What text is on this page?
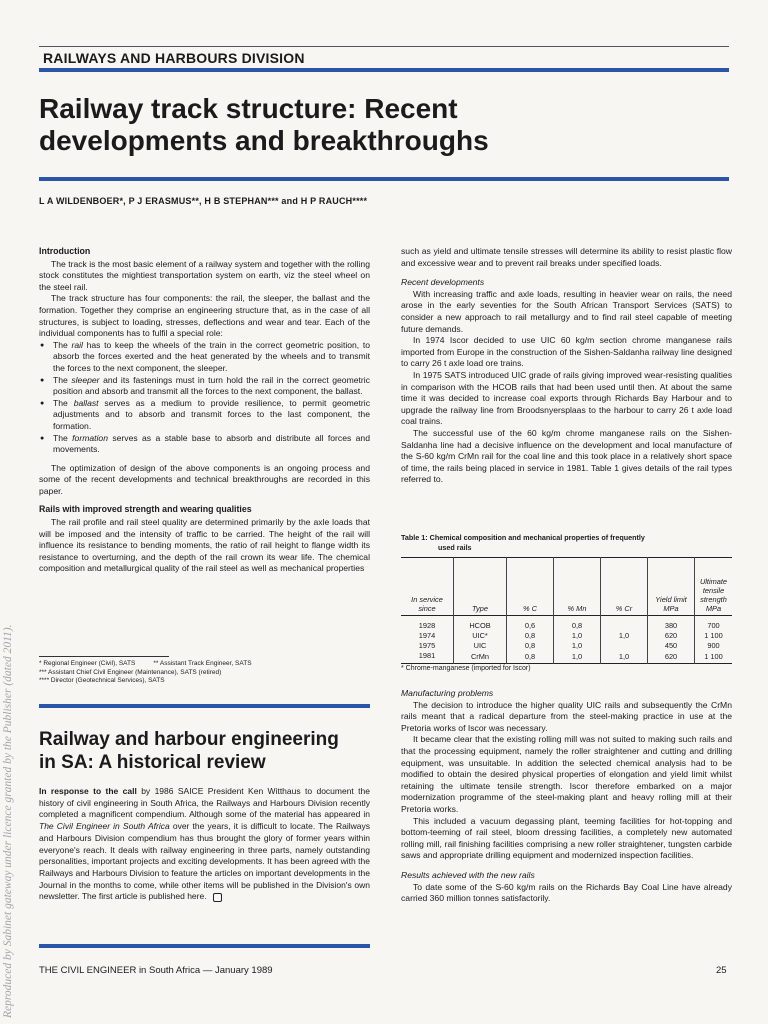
RAILWAYS AND HARBOURS DIVISION
Railway track structure: Recent
developments and breakthroughs
L A WILDENBOER*, P J ERASMUS**, H B STEPHAN*** and H P RAUCH****
Introduction

The track is the most basic element of a railway system and together with the rolling stock constitutes the mightiest transportation system on earth, viz the steel wheel on the steel rail.

The track structure has four components: the rail, the sleeper, the ballast and the formation. Together they comprise an engineering structure that, as in the case of all structures, is subject to loading, stresses, deflections and wear and tear. Each of the individual components has to fulfil a special role:

● The rail has to keep the wheels of the train in the correct geometric position, to absorb the forces exerted and the heat generated by the wheels and to transmit the forces to the next component, the sleeper.
● The sleeper and its fastenings must in turn hold the rail in the correct geometric position and absorb and transmit all the forces to the next component, the ballast.
● The ballast serves as a medium to provide resilience, to permit geometric adjustments and to absorb and transmit forces to the last component, the formation.
● The formation serves as a stable base to absorb and distribute all forces and movements.

The optimization of design of the above components is an ongoing process and some of the recent developments and technical breakthroughs are recorded in this paper.

Rails with improved strength and wearing qualities

The rail profile and rail steel quality are determined primarily by the axle loads that will be imposed and the intensity of traffic to be carried. The height of the rail will influence its resistance to bending moments, the ratio of rail height to flange width its resistance to overturning, and the depth of the rail crown its wear life. The chemical composition and metallurgical quality of the rail steel as well as mechanical properties

* Regional Engineer (Civil), SATS          ** Assistant Track Engineer, SATS
*** Assistant Chief Civil Engineer (Maintenance), SATS (retired)
**** Director (Geotechnical Services), SATS
Railway and harbour engineering
in SA: A historical review

In response to the call by 1986 SAICE President Ken Witthaus to document the history of civil engineering in South Africa, the Railways and Harbours Division recently completed a magnificent compendium. Although some of the material has appeared in The Civil Engineer in South Africa over the years, it is difficult to locate. The Railways and Harbours Division compendium has thus brought the glory of former years within everyone's reach. It deals with railway engineering in three parts, namely outstanding personalities, important projects and exciting developments. It has been agreed with the Railways and Harbours Division to feature the articles on important developments in the Journal in the months to come, while other items will be published in the Division's own newsletter. The first article is published here.

such as yield and ultimate tensile stresses will determine its ability to resist plastic flow and excessive wear and to prevent rail breaks under specified loads.

Recent developments

With increasing traffic and axle loads, resulting in heavier wear on rails, the need arose in the early seventies for the South African Transport Services (SATS) to consider a new approach to rail metallurgy and to find rail steel capable of meeting future demands.

In 1974 Iscor decided to use UIC 60 kg/m section chrome manganese rails imported from Europe in the construction of the Sishen-Saldanha railway line designed to carry 26 t axle load ore trains.

In 1975 SATS introduced UIC grade of rails giving improved wear-resisting qualities in comparison with the HCOB rails that had been used until then. At about the same time it was decided to increase coal exports through Richards Bay Harbour and to upgrade the railway line from Broodsnyersplaas to the harbour to carry 26 t axle load coal trains.

The successful use of the 60 kg/m chrome manganese rails on the Sishen-Saldanha line had a decisive influence on the development and local manufacture of the S-60 kg/m CrMn rail for the coal line and this took place in a relatively short space of time, the rails being placed in service in 1981. Table 1 gives details of the rail types referred to.

Table 1: Chemical composition and mechanical properties of frequently
used rails
In service since	Type	% C	% Mn	% Cr	Yield limit MPa	Ultimate tensile strength MPa
1928	HCOB	0,6	0,8		380	700
1974	UIC*	0,8	1,0	1,0	620	1 100
1975	UIC	0,8	1,0		450	900
1981	CrMn	0,8	1,0	1,0	620	1 100
* Chrome-manganese (imported for Iscor)
Manufacturing problems

The decision to introduce the higher quality UIC rails and subsequently the CrMn rails meant that a radical departure from the steel-making practice in use at the Pretoria works of Iscor was necessary.

It became clear that the existing rolling mill was not suited to making such rails and that the processing equipment, namely the roller straightener and cutting and drilling equipment, was unsuitable. In addition the selected chemical analysis had to be modified to obtain the desired physical properties of elongation and yield limit whilst retaining the ultimate tensile strength. Iscor therefore embarked on a major modernization programme of the steel-making plant and heavy rolling mill at their Pretoria works.

This included a vacuum degassing plant, teeming facilities for hot-topping and bottom-teeming of rail steel, bloom dressing facilities, a completely new automated rolling mill, rail finishing facilities comprising a new roller straightener, tungsten carbide saws and appropriate drilling equipment and modernized inspection facilities.

Results achieved with the new rails

To date some of the S-60 kg/m rails on the Richards Bay Coal Line have already carried 360 million tonnes satisfactorily.

THE CIVIL ENGINEER in South Africa — January 1989	25
Reproduced by Sabinet gateway under licence granted by the Publisher (dated 2011).
